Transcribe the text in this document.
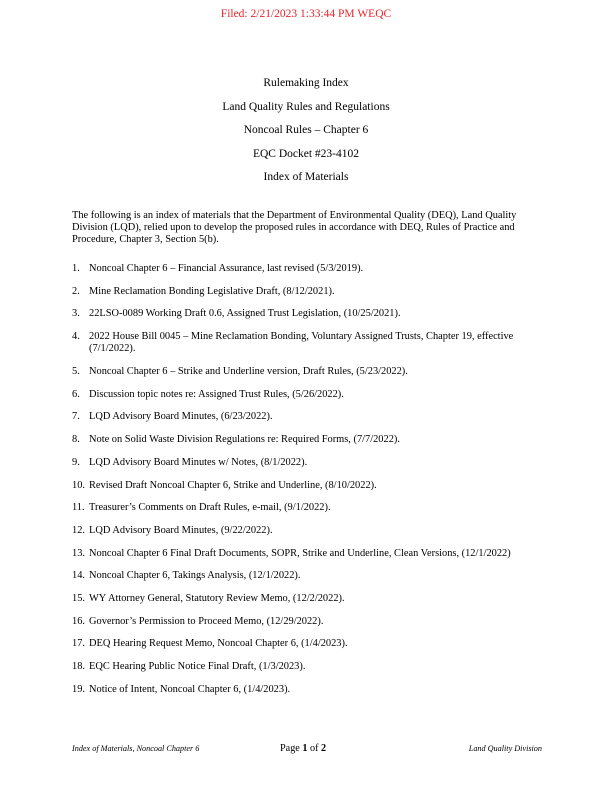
Filed: 2/21/2023 1:33:44 PM WEQC
Rulemaking Index
Land Quality Rules and Regulations
Noncoal Rules – Chapter 6
EQC Docket #23-4102
Index of Materials
The following is an index of materials that the Department of Environmental Quality (DEQ), Land Quality Division (LQD), relied upon to develop the proposed rules in accordance with DEQ, Rules of Practice and Procedure, Chapter 3, Section 5(b).
1. Noncoal Chapter 6 – Financial Assurance, last revised (5/3/2019).
2. Mine Reclamation Bonding Legislative Draft, (8/12/2021).
3. 22LSO-0089 Working Draft 0.6, Assigned Trust Legislation, (10/25/2021).
4. 2022 House Bill 0045 – Mine Reclamation Bonding, Voluntary Assigned Trusts, Chapter 19, effective (7/1/2022).
5. Noncoal Chapter 6 – Strike and Underline version, Draft Rules, (5/23/2022).
6. Discussion topic notes re: Assigned Trust Rules, (5/26/2022).
7. LQD Advisory Board Minutes, (6/23/2022).
8. Note on Solid Waste Division Regulations re: Required Forms, (7/7/2022).
9. LQD Advisory Board Minutes w/ Notes, (8/1/2022).
10. Revised Draft Noncoal Chapter 6, Strike and Underline, (8/10/2022).
11. Treasurer’s Comments on Draft Rules, e-mail, (9/1/2022).
12. LQD Advisory Board Minutes, (9/22/2022).
13. Noncoal Chapter 6 Final Draft Documents, SOPR, Strike and Underline, Clean Versions, (12/1/2022)
14. Noncoal Chapter 6, Takings Analysis, (12/1/2022).
15. WY Attorney General, Statutory Review Memo, (12/2/2022).
16. Governor’s Permission to Proceed Memo, (12/29/2022).
17. DEQ Hearing Request Memo, Noncoal Chapter 6, (1/4/2023).
18. EQC Hearing Public Notice Final Draft, (1/3/2023).
19. Notice of Intent, Noncoal Chapter 6, (1/4/2023).
Index of Materials, Noncoal Chapter 6	Page 1 of 2	Land Quality Division
